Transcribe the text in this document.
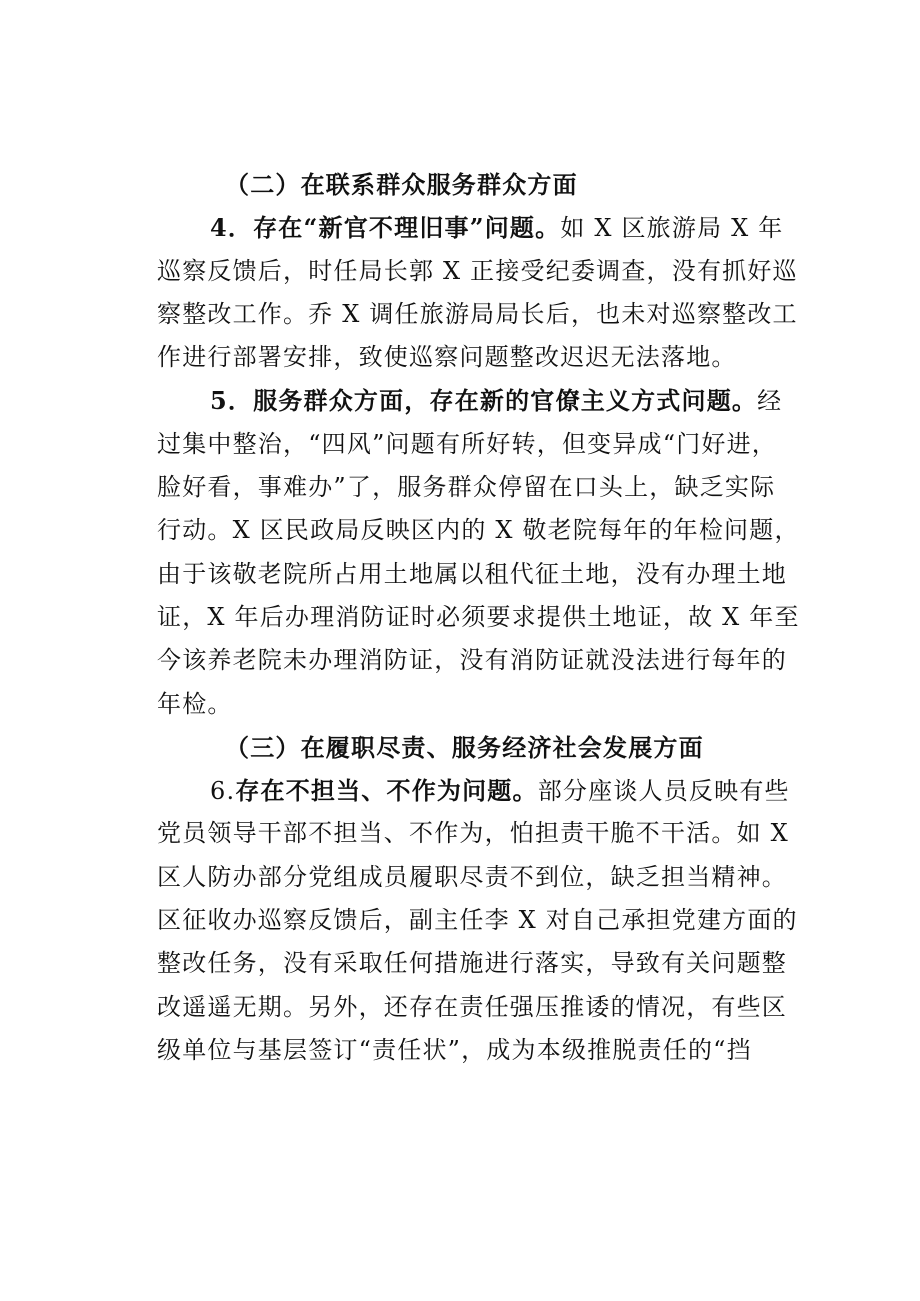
（二）在联系群众服务群众方面
4．存在“新官不理旧事”问题。如 X 区旅游局 X 年
巡察反馈后，时任局长郭 X 正接受纪委调查，没有抓好巡
察整改工作。乔 X 调任旅游局局长后，也未对巡察整改工
作进行部署安排，致使巡察问题整改迟迟无法落地。
5．服务群众方面，存在新的官僚主义方式问题。经
过集中整治，“四风”问题有所好转，但变异成“门好进，
脸好看，事难办”了，服务群众停留在口头上，缺乏实际
行动。X 区民政局反映区内的 X 敬老院每年的年检问题，
由于该敬老院所占用土地属以租代征土地，没有办理土地
证，X 年后办理消防证时必须要求提供土地证，故 X 年至
今该养老院未办理消防证，没有消防证就没法进行每年的
年检。
（三）在履职尽责、服务经济社会发展方面
6.存在不担当、不作为问题。部分座谈人员反映有些
党员领导干部不担当、不作为，怕担责干脆不干活。如 X
区人防办部分党组成员履职尽责不到位，缺乏担当精神。
区征收办巡察反馈后，副主任李 X 对自己承担党建方面的
整改任务，没有采取任何措施进行落实，导致有关问题整
改遥遥无期。另外，还存在责任强压推诿的情况，有些区
级单位与基层签订“责任状”，成为本级推脱责任的“挡
